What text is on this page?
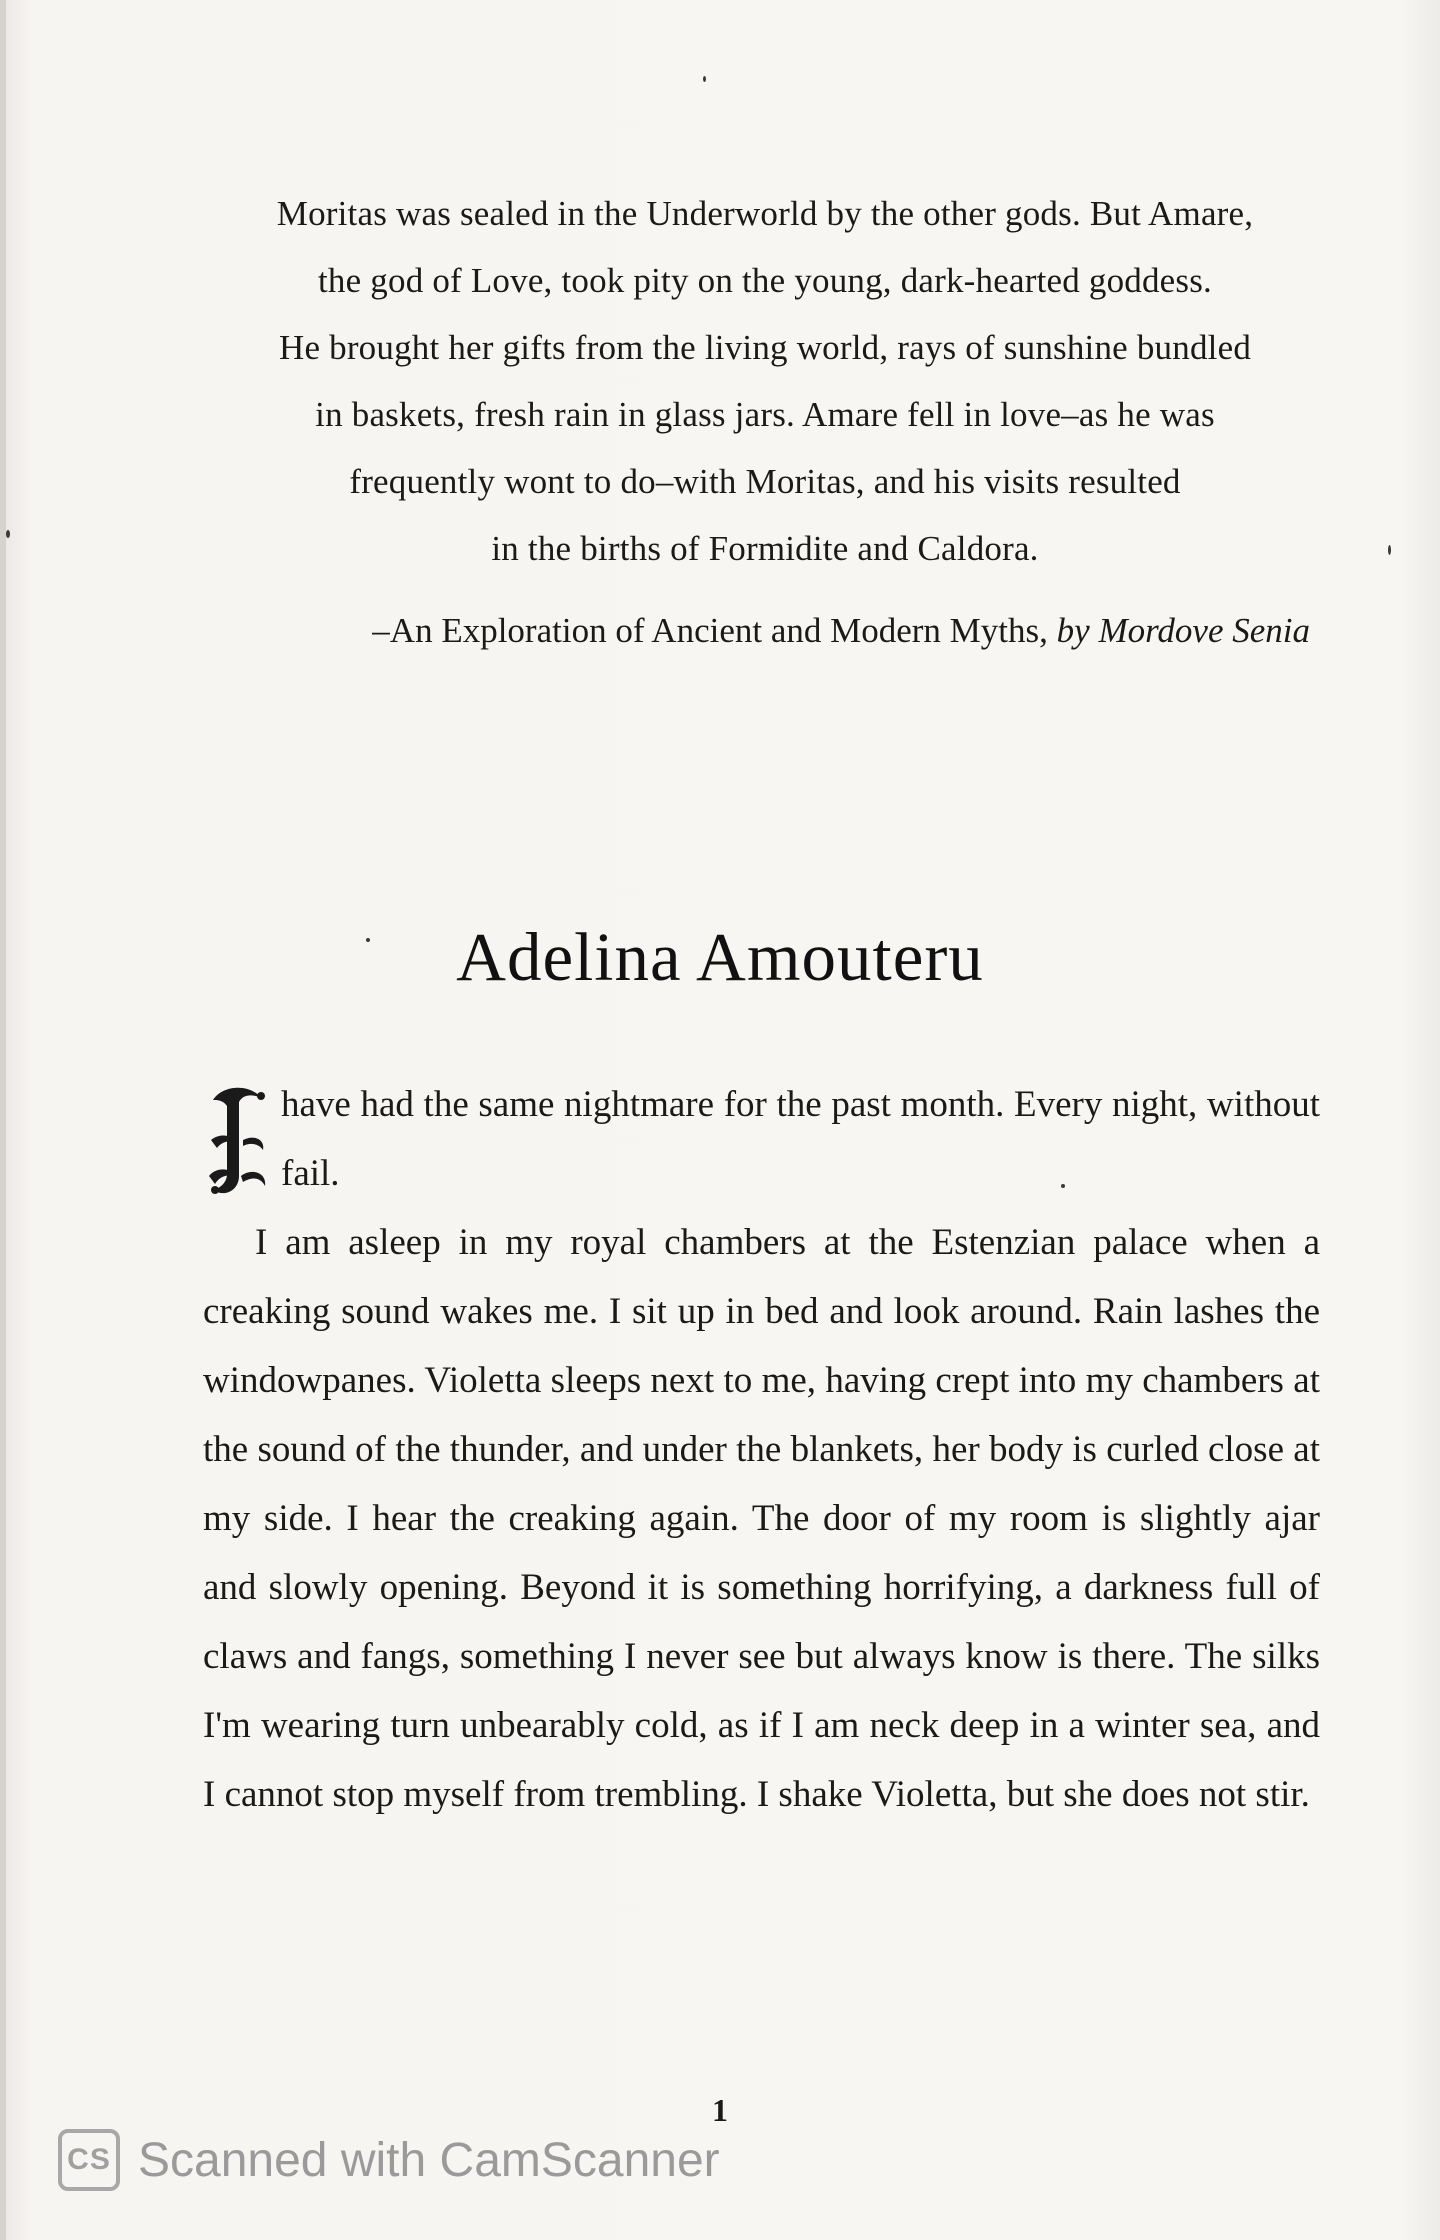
Moritas was sealed in the Underworld by the other gods. But Amare,
the god of Love, took pity on the young, dark-hearted goddess.
He brought her gifts from the living world, rays of sunshine bundled
in baskets, fresh rain in glass jars. Amare fell in love–as he was
frequently wont to do–with Moritas, and his visits resulted
in the births of Formidite and Caldora.
–An Exploration of Ancient and Modern Myths, by Mordove Senia
Adelina Amouteru

have had the same nightmare for the past month. Every night, without fail.

I am asleep in my royal chambers at the Estenzian palace when a creaking sound wakes me. I sit up in bed and look around. Rain lashes the windowpanes. Violetta sleeps next to me, having crept into my chambers at the sound of the thunder, and under the blankets, her body is curled close at my side. I hear the creaking again. The door of my room is slightly ajar and slowly opening. Beyond it is something horrifying, a darkness full of claws and fangs, something I never see but always know is there. The silks I'm wearing turn unbearably cold, as if I am neck deep in a winter sea, and I cannot stop myself from trembling. I shake Violetta, but she does not stir.

1
CS Scanned with CamScanner
